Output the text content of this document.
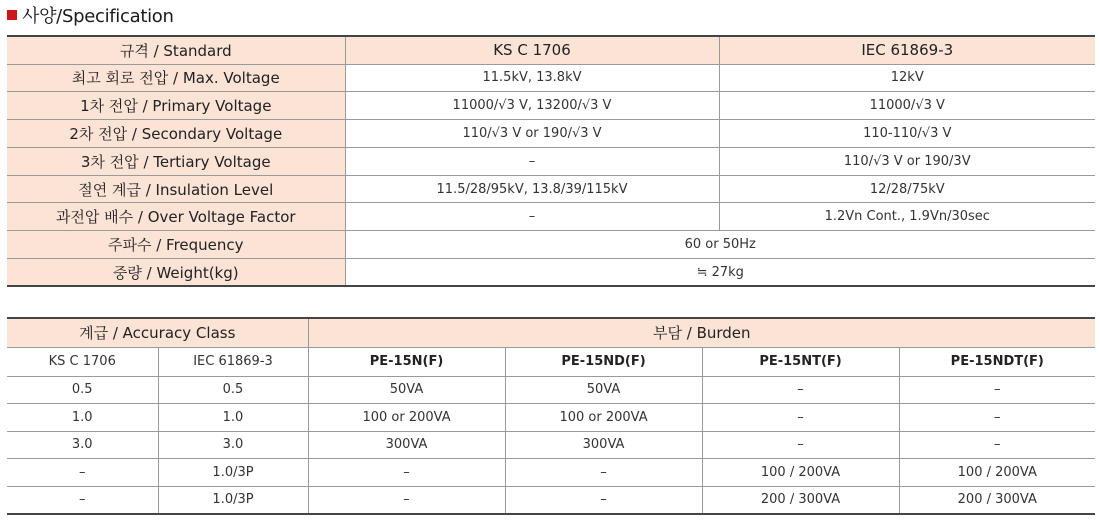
사양/Specification
규격 / Standard	KS C 1706	IEC 61869-3
최고 회로 전압 / Max. Voltage	11.5kV, 13.8kV	12kV
1차 전압 / Primary Voltage	11000/√3 V, 13200/√3 V	11000/√3 V
2차 전압 / Secondary Voltage	110/√3 V or 190/√3 V	110-110/√3 V
3차 전압 / Tertiary Voltage	–	110/√3 V or 190/3V
절연 계급 / Insulation Level	11.5/28/95kV, 13.8/39/115kV	12/28/75kV
과전압 배수 / Over Voltage Factor	–	1.2Vn Cont., 1.9Vn/30sec
주파수 / Frequency	60 or 50Hz	
중량 / Weight(kg)	≒ 27kg	
계급 / Accuracy Class		부담 / Burden			
KS C 1706	IEC 61869-3	PE-15N(F)	PE-15ND(F)	PE-15NT(F)	PE-15NDT(F)
0.5	0.5	50VA	50VA	–	–
1.0	1.0	100 or 200VA	100 or 200VA	–	–
3.0	3.0	300VA	300VA	–	–
–	1.0/3P	–	–	100 / 200VA	100 / 200VA
–	1.0/3P	–	–	200 / 300VA	200 / 300VA
